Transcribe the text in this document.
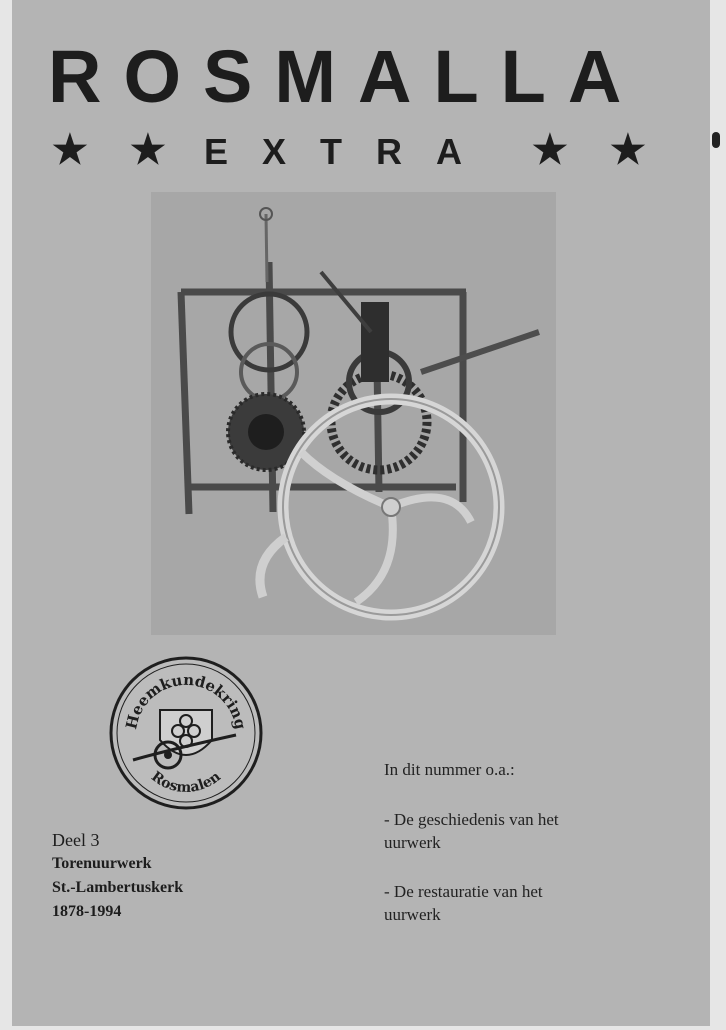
ROSMALLA
★ ★ EXTRA ★ ★
Heemkundekring
Rosmalen
Deel 3
Torenuurwerk
St.-Lambertuskerk
1878-1994
In dit nummer o.a.:
- De geschiedenis van het
uurwerk
- De restauratie van het
uurwerk
